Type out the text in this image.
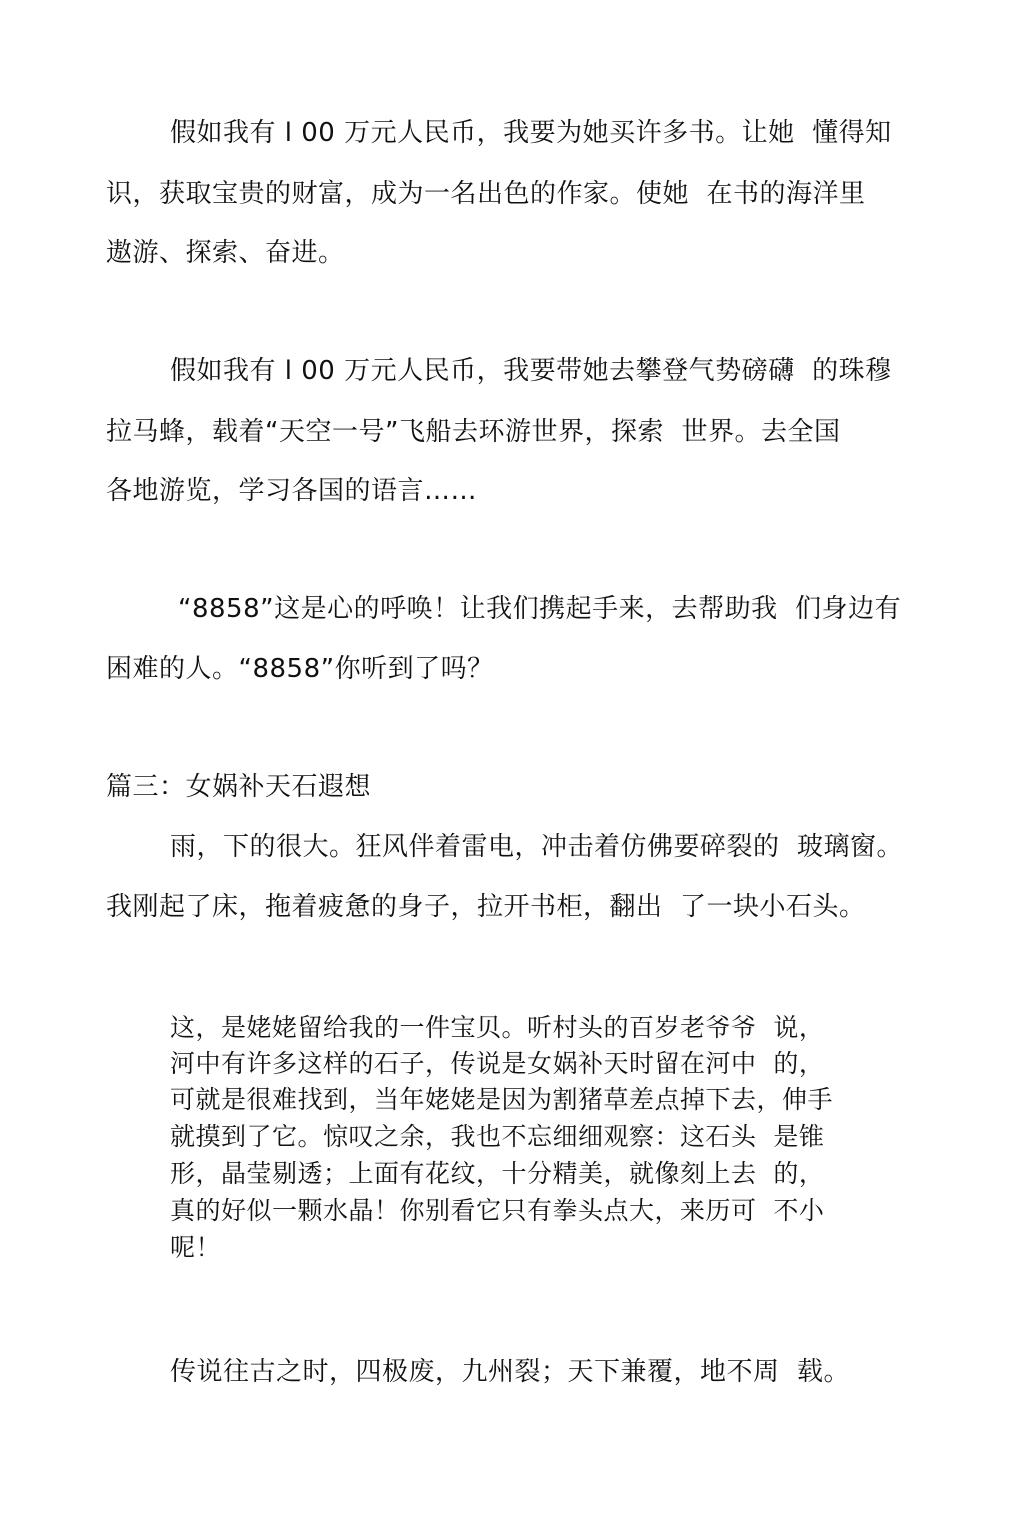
假如我有 l 00 万元人民币，我要为她买许多书。让她  懂得知
识，获取宝贵的财富，成为一名出色的作家。使她  在书的海洋里
遨游、探索、奋进。
假如我有 l 00 万元人民币，我要带她去攀登气势磅礴  的珠穆
拉马蜂，载着“天空一号”飞船去环游世界，探索  世界。去全国
各地游览，学习各国的语言……
“8858”这是心的呼唤！让我们携起手来，去帮助我  们身边有
困难的人。“8858”你听到了吗？
篇三：女娲补天石遐想
雨，下的很大。狂风伴着雷电，冲击着仿佛要碎裂的  玻璃窗。
我刚起了床，拖着疲惫的身子，拉开书柜，翻出  了一块小石头。
这，是姥姥留给我的一件宝贝。听村头的百岁老爷爷  说，
河中有许多这样的石子，传说是女娲补天时留在河中  的，
可就是很难找到，当年姥姥是因为割猪草差点掉下去，伸手
就摸到了它。惊叹之余，我也不忘细细观察：这石头  是锥
形，晶莹剔透；上面有花纹，十分精美，就像刻上去  的，
真的好似一颗水晶！你别看它只有拳头点大，来历可  不小
呢！
传说往古之时，四极废，九州裂；天下兼覆，地不周  载。
